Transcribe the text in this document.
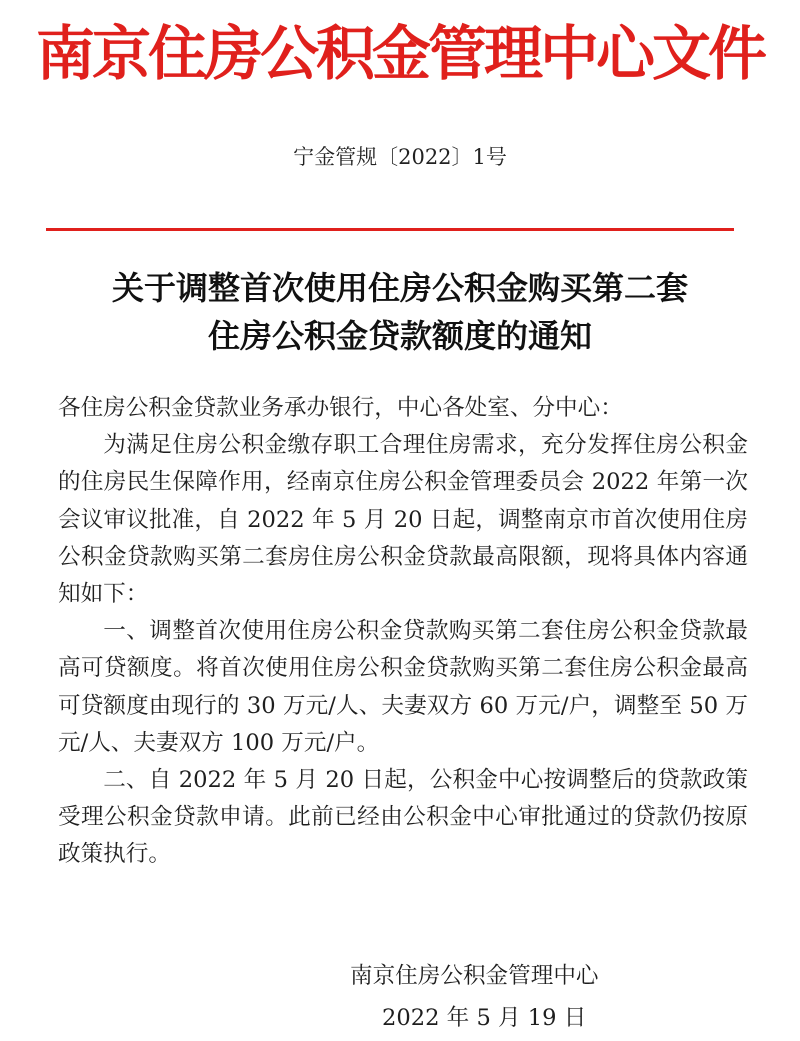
南京住房公积金管理中心文件
宁金管规〔2022〕1号
关于调整首次使用住房公积金购买第二套
住房公积金贷款额度的通知

各住房公积金贷款业务承办银行，中心各处室、分中心：

为满足住房公积金缴存职工合理住房需求，充分发挥住房公积金的住房民生保障作用，经南京住房公积金管理委员会 2022 年第一次会议审议批准，自 2022 年 5 月 20 日起，调整南京市首次使用住房公积金贷款购买第二套房住房公积金贷款最高限额，现将具体内容通知如下：

一、调整首次使用住房公积金贷款购买第二套住房公积金贷款最高可贷额度。将首次使用住房公积金贷款购买第二套住房公积金最高可贷额度由现行的 30 万元/人、夫妻双方 60 万元/户，调整至 50 万元/人、夫妻双方 100 万元/户。

二、自 2022 年 5 月 20 日起，公积金中心按调整后的贷款政策受理公积金贷款申请。此前已经由公积金中心审批通过的贷款仍按原政策执行。

南京住房公积金管理中心
2022 年 5 月 19 日
